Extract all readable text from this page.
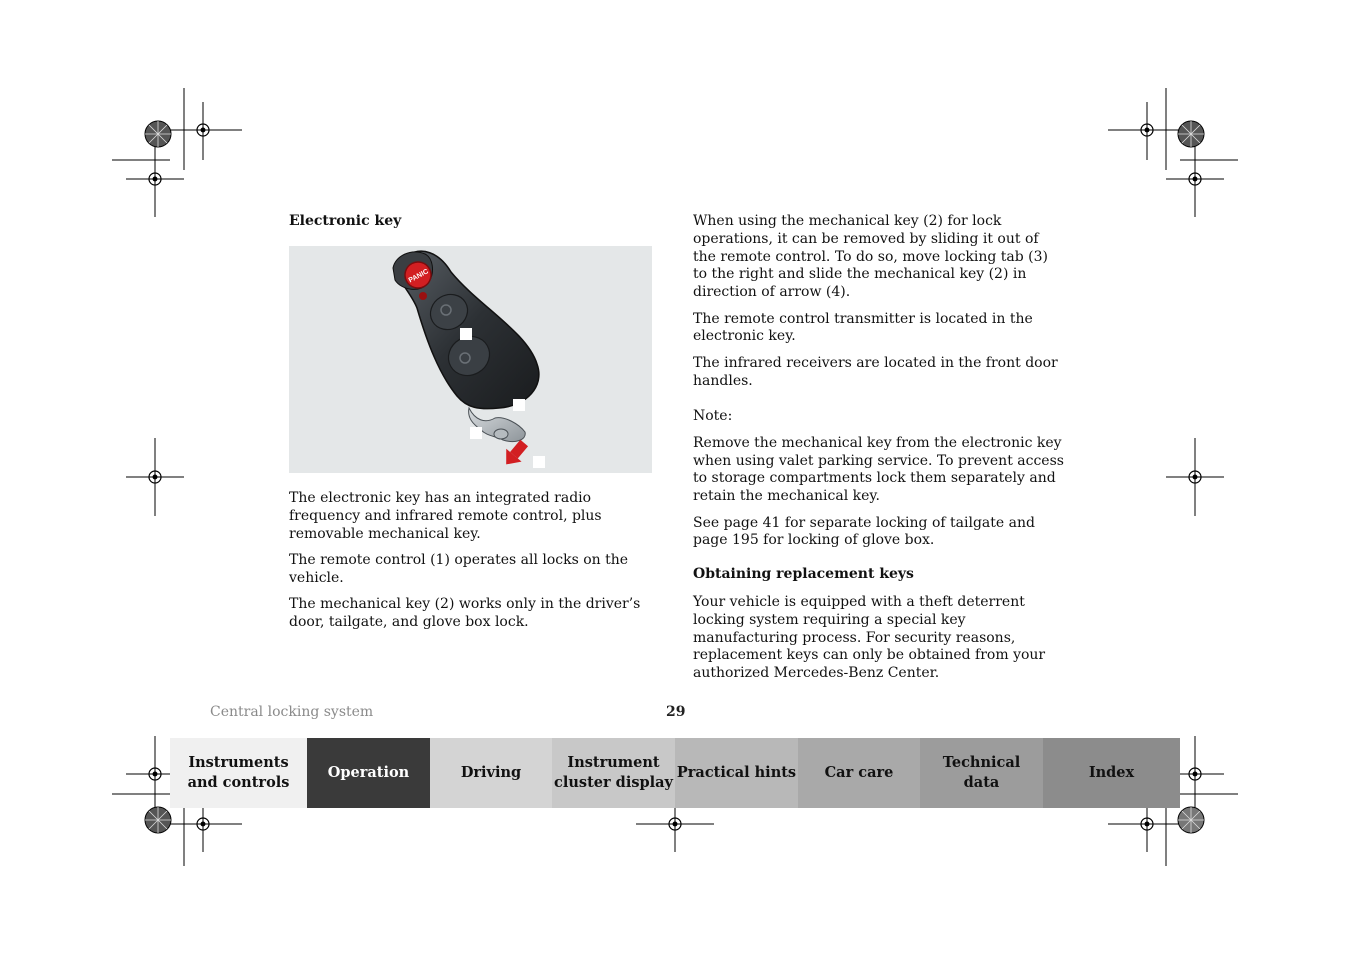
Electronic key
PANIC

The electronic key has an integrated radio frequency and infrared remote control, plus removable mechanical key.

The remote control (1) operates all locks on the vehicle.

The mechanical key (2) works only in the driver’s door, tailgate, and glove box lock.

When using the mechanical key (2) for lock operations, it can be removed by sliding it out of the remote control. To do so, move locking tab (3) to the right and slide the mechanical key (2) in direction of arrow (4).

The remote control transmitter is located in the electronic key.

The infrared receivers are located in the front door handles.

Note:

Remove the mechanical key from the electronic key when using valet parking service. To prevent access to storage compartments lock them separately and retain the mechanical key.

See page 41 for separate locking of tailgate and page 195 for locking of glove box.

Obtaining replacement keys

Your vehicle is equipped with a theft deterrent locking system requiring a special key manufacturing process. For security reasons, replacement keys can only be obtained from your authorized Mercedes-Benz Center.

Central locking system	29
Instruments
and controls
Operation	Driving
Instrument
cluster display
Practical hints	Car care
Technical
data
Index
